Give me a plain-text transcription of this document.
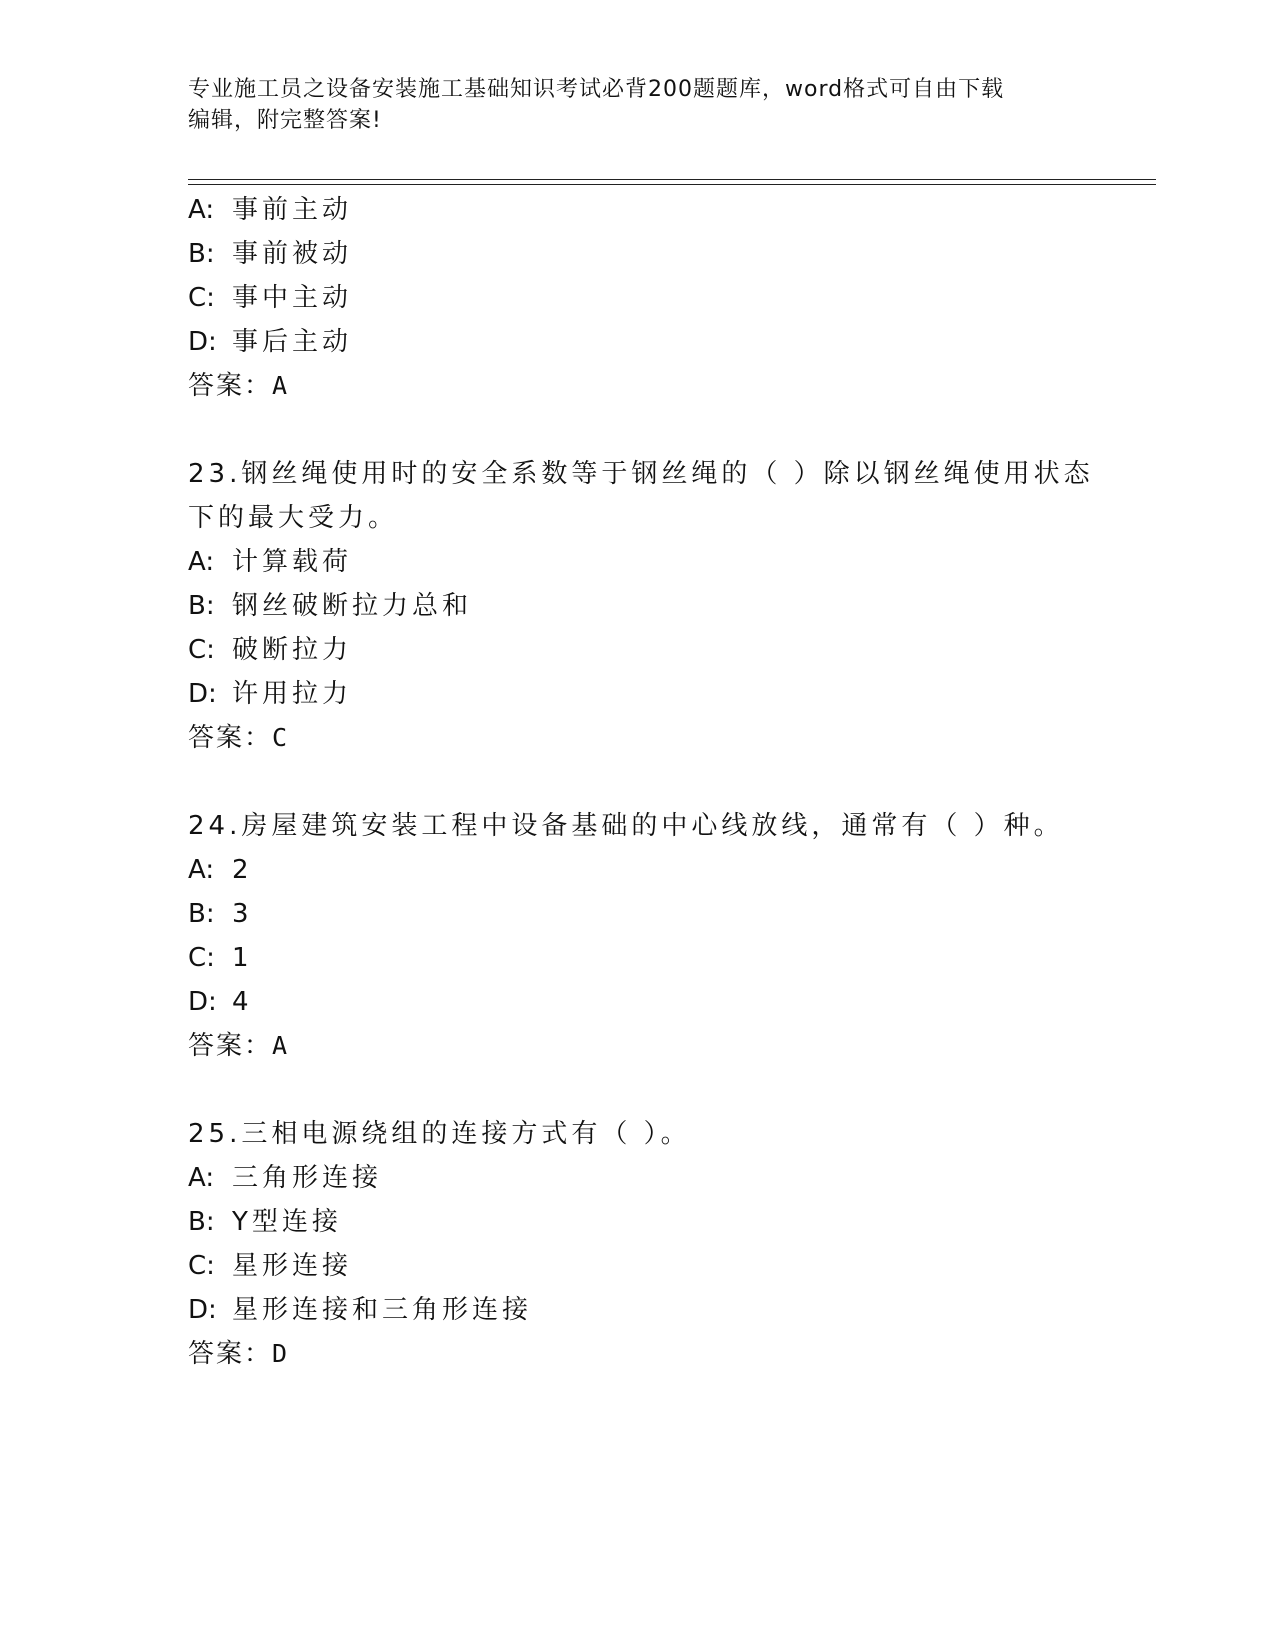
专业施工员之设备安装施工基础知识考试必背200题题库，word格式可自由下载
编辑，附完整答案!
A: 事前主动
B: 事前被动
C: 事中主动
D: 事后主动
答案：A
23.钢丝绳使用时的安全系数等于钢丝绳的（ ）除以钢丝绳使用状态
下的最大受力。
A: 计算载荷
B: 钢丝破断拉力总和
C: 破断拉力
D: 许用拉力
答案：C
24.房屋建筑安装工程中设备基础的中心线放线，通常有（ ）种。
A: 2
B: 3
C: 1
D: 4
答案：A
25.三相电源绕组的连接方式有（ ）。
A: 三角形连接
B: Y型连接
C: 星形连接
D: 星形连接和三角形连接
答案：D
